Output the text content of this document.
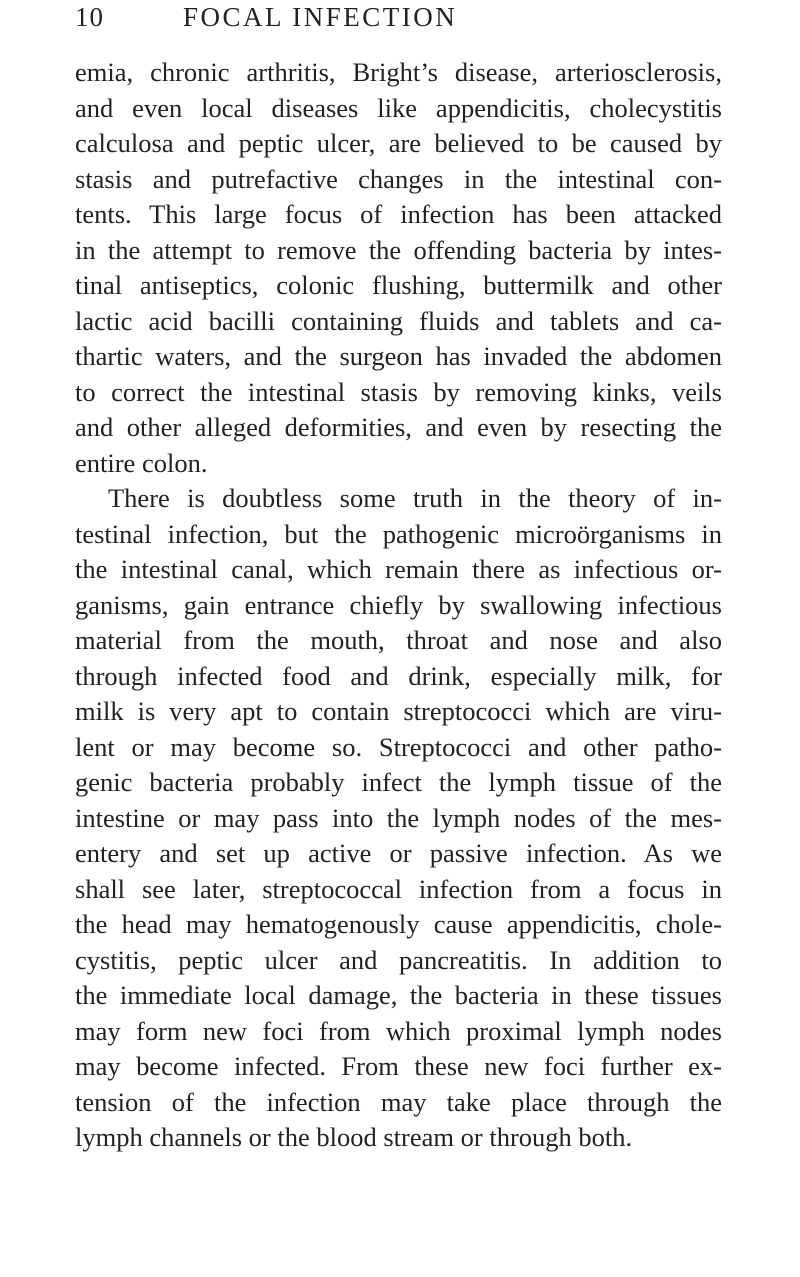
10	FOCAL INFECTION
emia, chronic arthritis, Bright’s disease, arteriosclerosis,
and even local diseases like appendicitis, cholecystitis
calculosa and peptic ulcer, are believed to be caused by
stasis and putrefactive changes in the intestinal con-
tents. This large focus of infection has been attacked
in the attempt to remove the offending bacteria by intes-
tinal antiseptics, colonic flushing, buttermilk and other
lactic acid bacilli containing fluids and tablets and ca-
thartic waters, and the surgeon has invaded the abdomen
to correct the intestinal stasis by removing kinks, veils
and other alleged deformities, and even by resecting the
entire colon.
There is doubtless some truth in the theory of in-
testinal infection, but the pathogenic microörganisms in
the intestinal canal, which remain there as infectious or-
ganisms, gain entrance chiefly by swallowing infectious
material from the mouth, throat and nose and also
through infected food and drink, especially milk, for
milk is very apt to contain streptococci which are viru-
lent or may become so. Streptococci and other patho-
genic bacteria probably infect the lymph tissue of the
intestine or may pass into the lymph nodes of the mes-
entery and set up active or passive infection. As we
shall see later, streptococcal infection from a focus in
the head may hematogenously cause appendicitis, chole-
cystitis, peptic ulcer and pancreatitis. In addition to
the immediate local damage, the bacteria in these tissues
may form new foci from which proximal lymph nodes
may become infected. From these new foci further ex-
tension of the infection may take place through the
lymph channels or the blood stream or through both.
